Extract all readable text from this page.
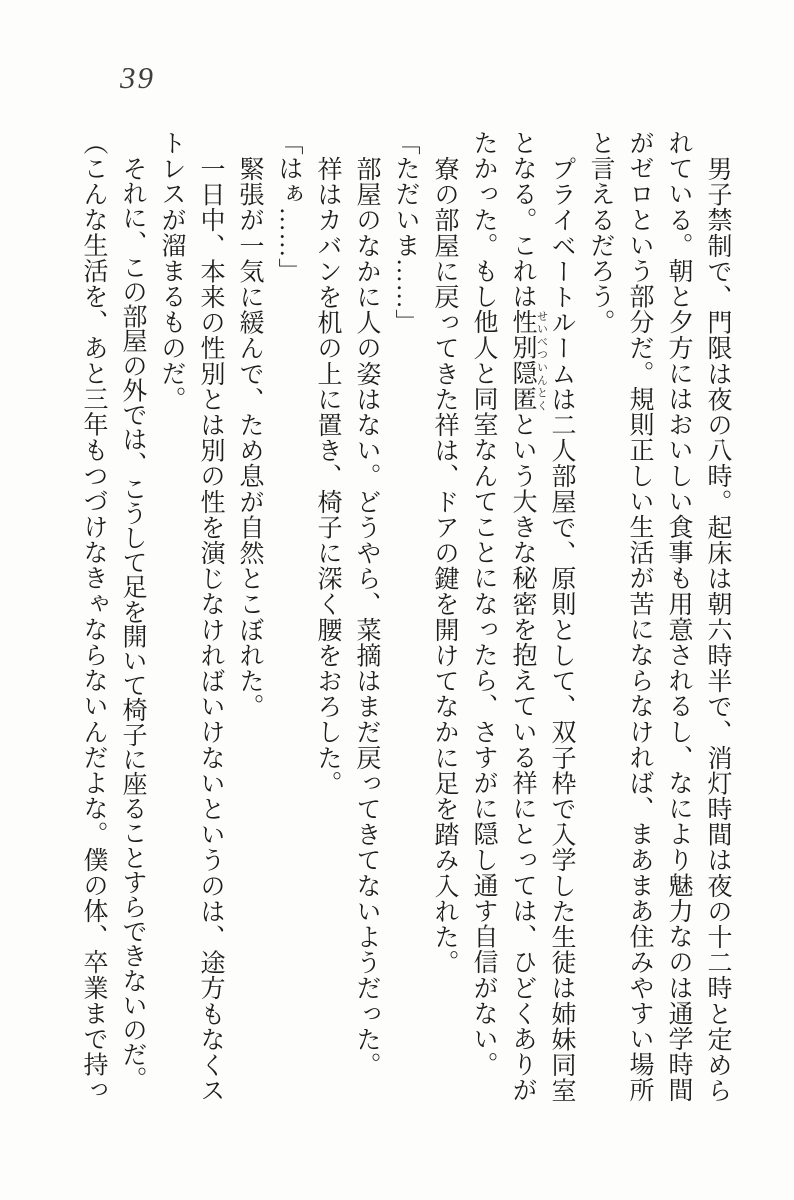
39

男子禁制で、門限は夜の八時。起床は朝六時半で、消灯時間は夜の十二時と定められている。朝と夕方にはおいしい食事も用意されるし、なにより魅力なのは通学時間がゼロという部分だ。規則正しい生活が苦にならなければ、まあまあ住みやすい場所と言えるだろう。

プライベートルームは二人部屋で、原則として、双子枠で入学した生徒は姉妹同室となる。これは性別隠匿 せいべついんとくという大きな秘密を抱えている祥にとっては、ひどくありがたかった。もし他人と同室なんてことになったら、さすがに隠し通す自信がない。

寮の部屋に戻ってきた祥は、ドアの鍵を開けてなかに足を踏み入れた。

「ただいま……」

部屋のなかに人の姿はない。どうやら、菜摘はまだ戻ってきてないようだった。

祥はカバンを机の上に置き、椅子に深く腰をおろした。

「はぁ……」

緊張が一気に緩んで、ため息が自然とこぼれた。

一日中、本来の性別とは別の性を演じなければいけないというのは、途方もなくストレスが溜まるものだ。

それに、この部屋の外では、こうして足を開いて椅子に座ることすらできないのだ。

（こんな生活を、あと三年もつづけなきゃならないんだよな。僕の体、卒業まで持っ
